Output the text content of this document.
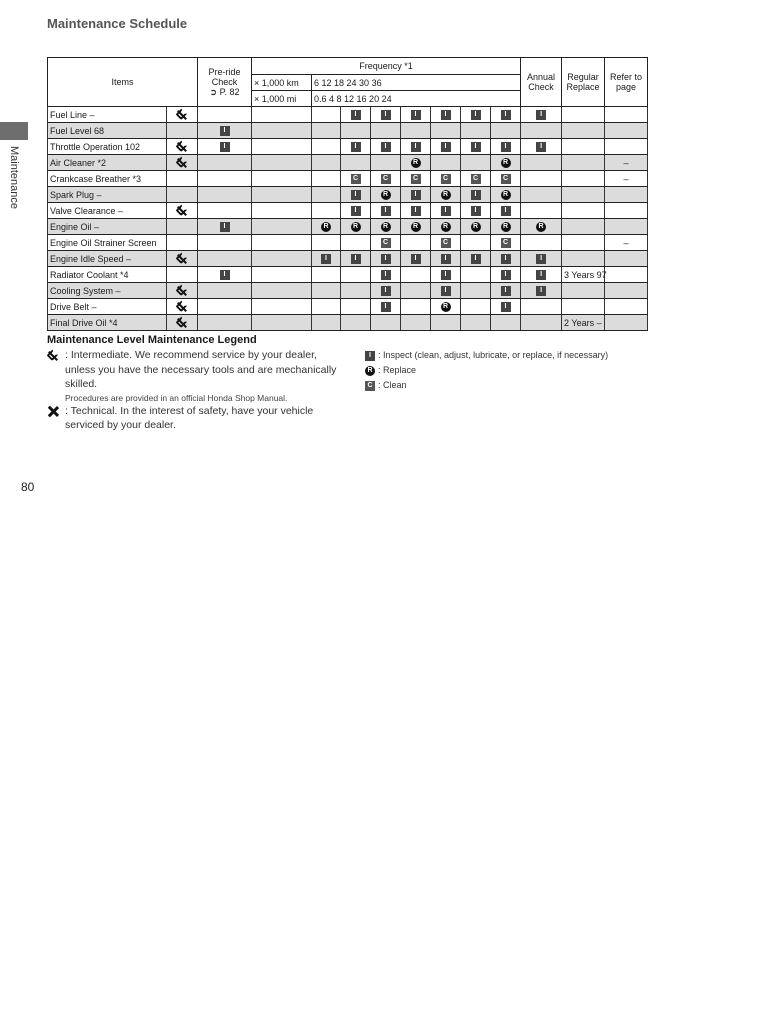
Maintenance Schedule
Maintenance
Items		Pre-ride Check
➲ P. 82	Frequency *1								Annual Check	Regular Replace	Refer to page
			× 1,000 km	6 12 18 24 30 36									
			× 1,000 mi	0.6 4 8 12 16 20 24									
Fuel Line –					I	I	I	I	I	I	I		
Fuel Level 68		I											
Throttle Operation 102		I			I	I	I	I	I	I	I		
Air Cleaner *2							R			R			–
Crankcase Breather *3					C	C	C	C	C	C			–
Spark Plug –					I	R	I	R	I	R			
Valve Clearance –					I	I	I	I	I	I			
Engine Oil –		I		R	R	R	R	R	R	R	R		
Engine Oil Strainer Screen						C		C		C			–
Engine Idle Speed –				I	I	I	I	I	I	I	I		
Radiator Coolant *4		I				I		I		I	I	3 Years 97	
Cooling System –						I		I		I	I		
Drive Belt –						I		R		I			
Final Drive Oil *4												2 Years –	
Maintenance Level Maintenance Legend
: Intermediate. We recommend service by your dealer, unless you have the necessary tools and are mechanically skilled.
Procedures are provided in an official Honda Shop Manual.
: Technical. In the interest of safety, have your vehicle serviced by your dealer.
I : Inspect (clean, adjust, lubricate, or replace, if necessary)
R : Replace
C : Clean
80
